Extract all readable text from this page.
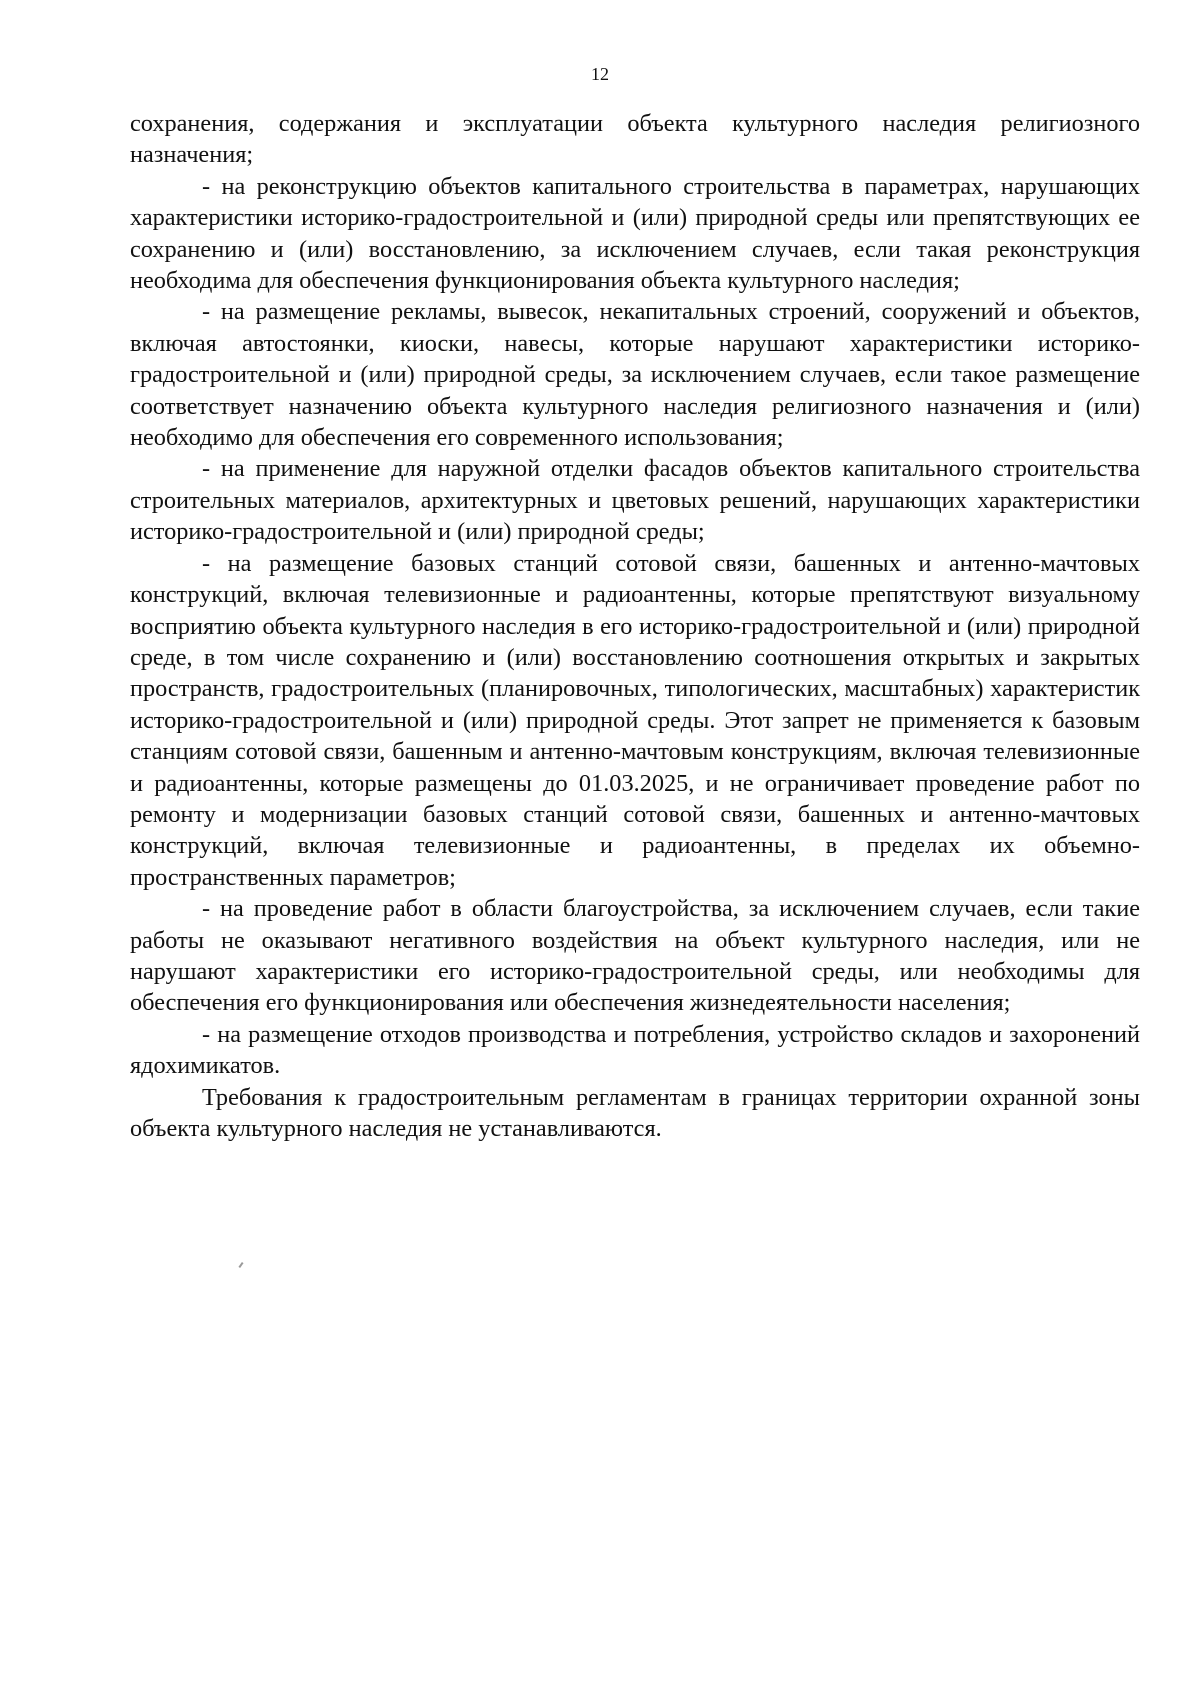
12

сохранения, содержания и эксплуатации объекта культурного наследия религиозного назначения;

- на реконструкцию объектов капитального строительства в параметрах, нарушающих характеристики историко-градостроительной и (или) природной среды или препятствующих ее сохранению и (или) восстановлению, за исключением случаев, если такая реконструкция необходима для обеспечения функционирования объекта культурного наследия;

- на размещение рекламы, вывесок, некапитальных строений, сооружений и объектов, включая автостоянки, киоски, навесы, которые нарушают характеристики историко-градостроительной и (или) природной среды, за исключением случаев, если такое размещение соответствует назначению объекта культурного наследия религиозного назначения и (или) необходимо для обеспечения его современного использования;

- на применение для наружной отделки фасадов объектов капитального строительства строительных материалов, архитектурных и цветовых решений, нарушающих характеристики историко-градостроительной и (или) природной среды;

- на размещение базовых станций сотовой связи, башенных и антенно-мачтовых конструкций, включая телевизионные и радиоантенны, которые препятствуют визуальному восприятию объекта культурного наследия в его историко-градостроительной и (или) природной среде, в том числе сохранению и (или) восстановлению соотношения открытых и закрытых пространств, градостроительных (планировочных, типологических, масштабных) характеристик историко-градостроительной и (или) природной среды. Этот запрет не применяется к базовым станциям сотовой связи, башенным и антенно-мачтовым конструкциям, включая телевизионные и радиоантенны, которые размещены до 01.03.2025, и не ограничивает проведение работ по ремонту и модернизации базовых станций сотовой связи, башенных и антенно-мачтовых конструкций, включая телевизионные и радиоантенны, в пределах их объемно-пространственных параметров;

- на проведение работ в области благоустройства, за исключением случаев, если такие работы не оказывают негативного воздействия на объект культурного наследия, или не нарушают характеристики его историко-градостроительной среды, или необходимы для обеспечения его функционирования или обеспечения жизнедеятельности населения;

- на размещение отходов производства и потребления, устройство складов и захоронений ядохимикатов.

Требования к градостроительным регламентам в границах территории охранной зоны объекта культурного наследия не устанавливаются.
